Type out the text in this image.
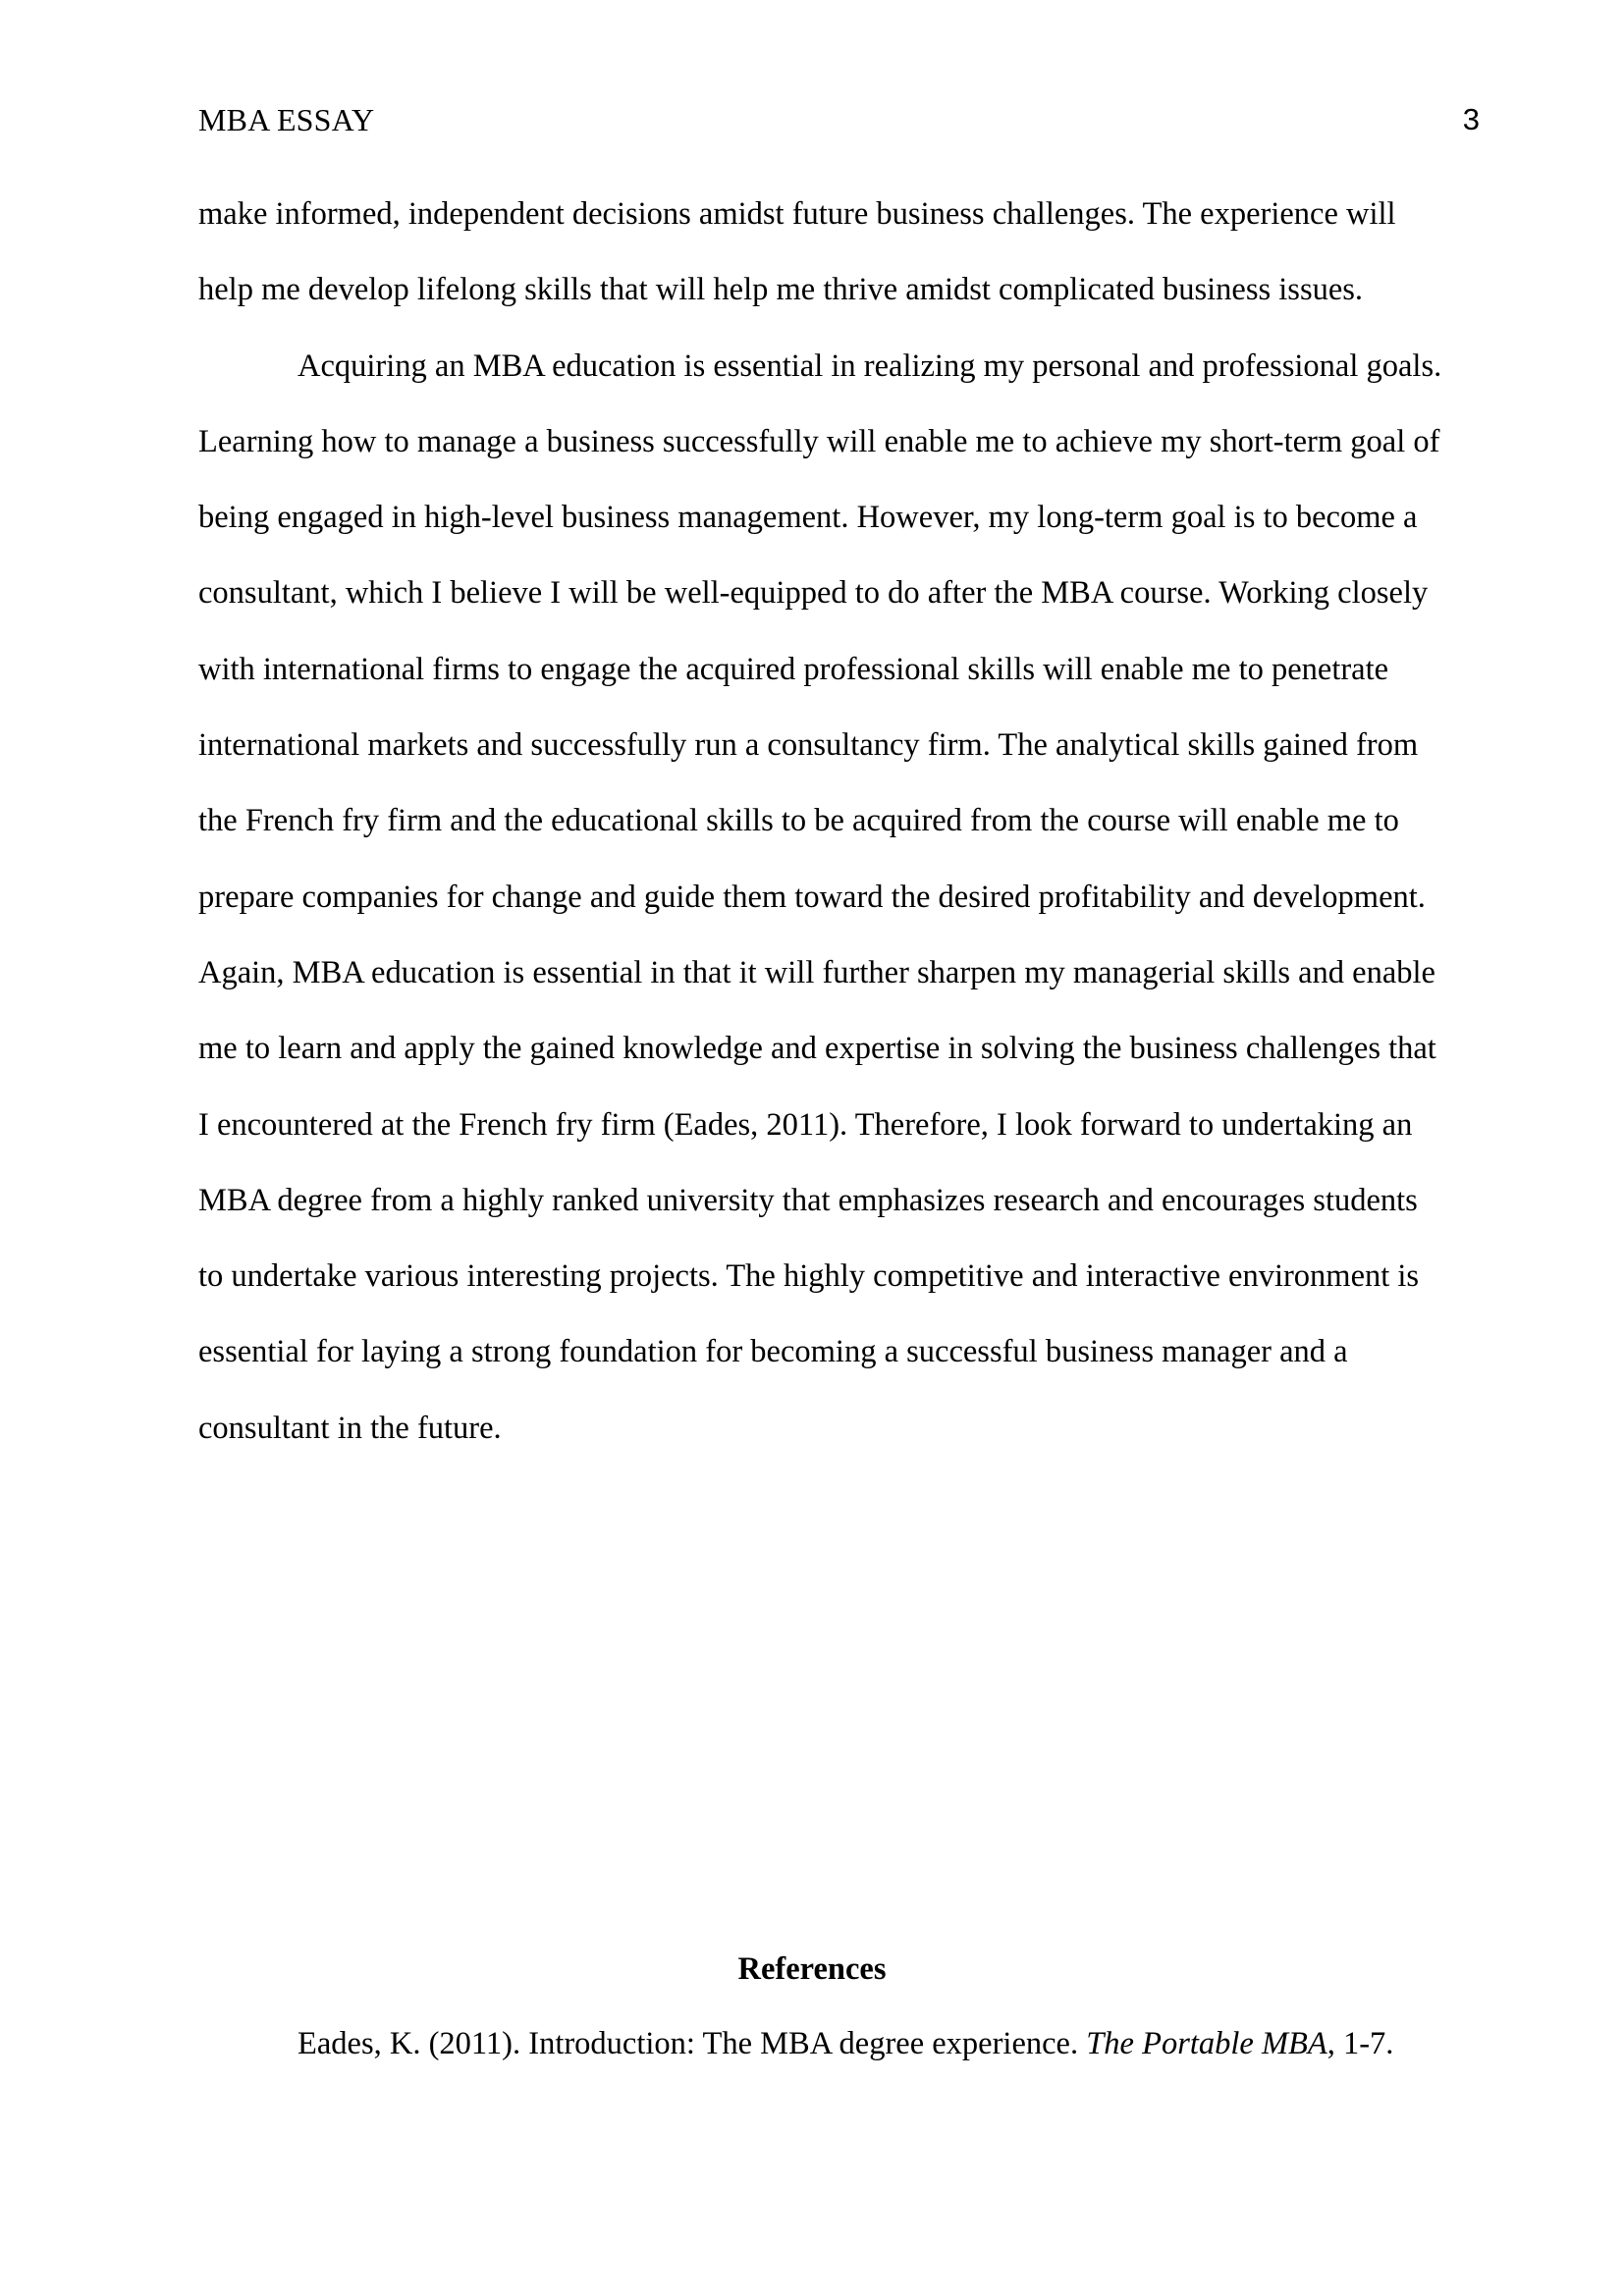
MBA ESSAY	3
make informed, independent decisions amidst future business challenges. The experience will
help me develop lifelong skills that will help me thrive amidst complicated business issues.
Acquiring an MBA education is essential in realizing my personal and professional goals.
Learning how to manage a business successfully will enable me to achieve my short-term goal of
being engaged in high-level business management. However, my long-term goal is to become a
consultant, which I believe I will be well-equipped to do after the MBA course. Working closely
with international firms to engage the acquired professional skills will enable me to penetrate
international markets and successfully run a consultancy firm. The analytical skills gained from
the French fry firm and the educational skills to be acquired from the course will enable me to
prepare companies for change and guide them toward the desired profitability and development.
Again, MBA education is essential in that it will further sharpen my managerial skills and enable
me to learn and apply the gained knowledge and expertise in solving the business challenges that
I encountered at the French fry firm (Eades, 2011). Therefore, I look forward to undertaking an
MBA degree from a highly ranked university that emphasizes research and encourages students
to undertake various interesting projects. The highly competitive and interactive environment is
essential for laying a strong foundation for becoming a successful business manager and a
consultant in the future.
References
Eades, K. (2011). Introduction: The MBA degree experience. The Portable MBA, 1-7.
